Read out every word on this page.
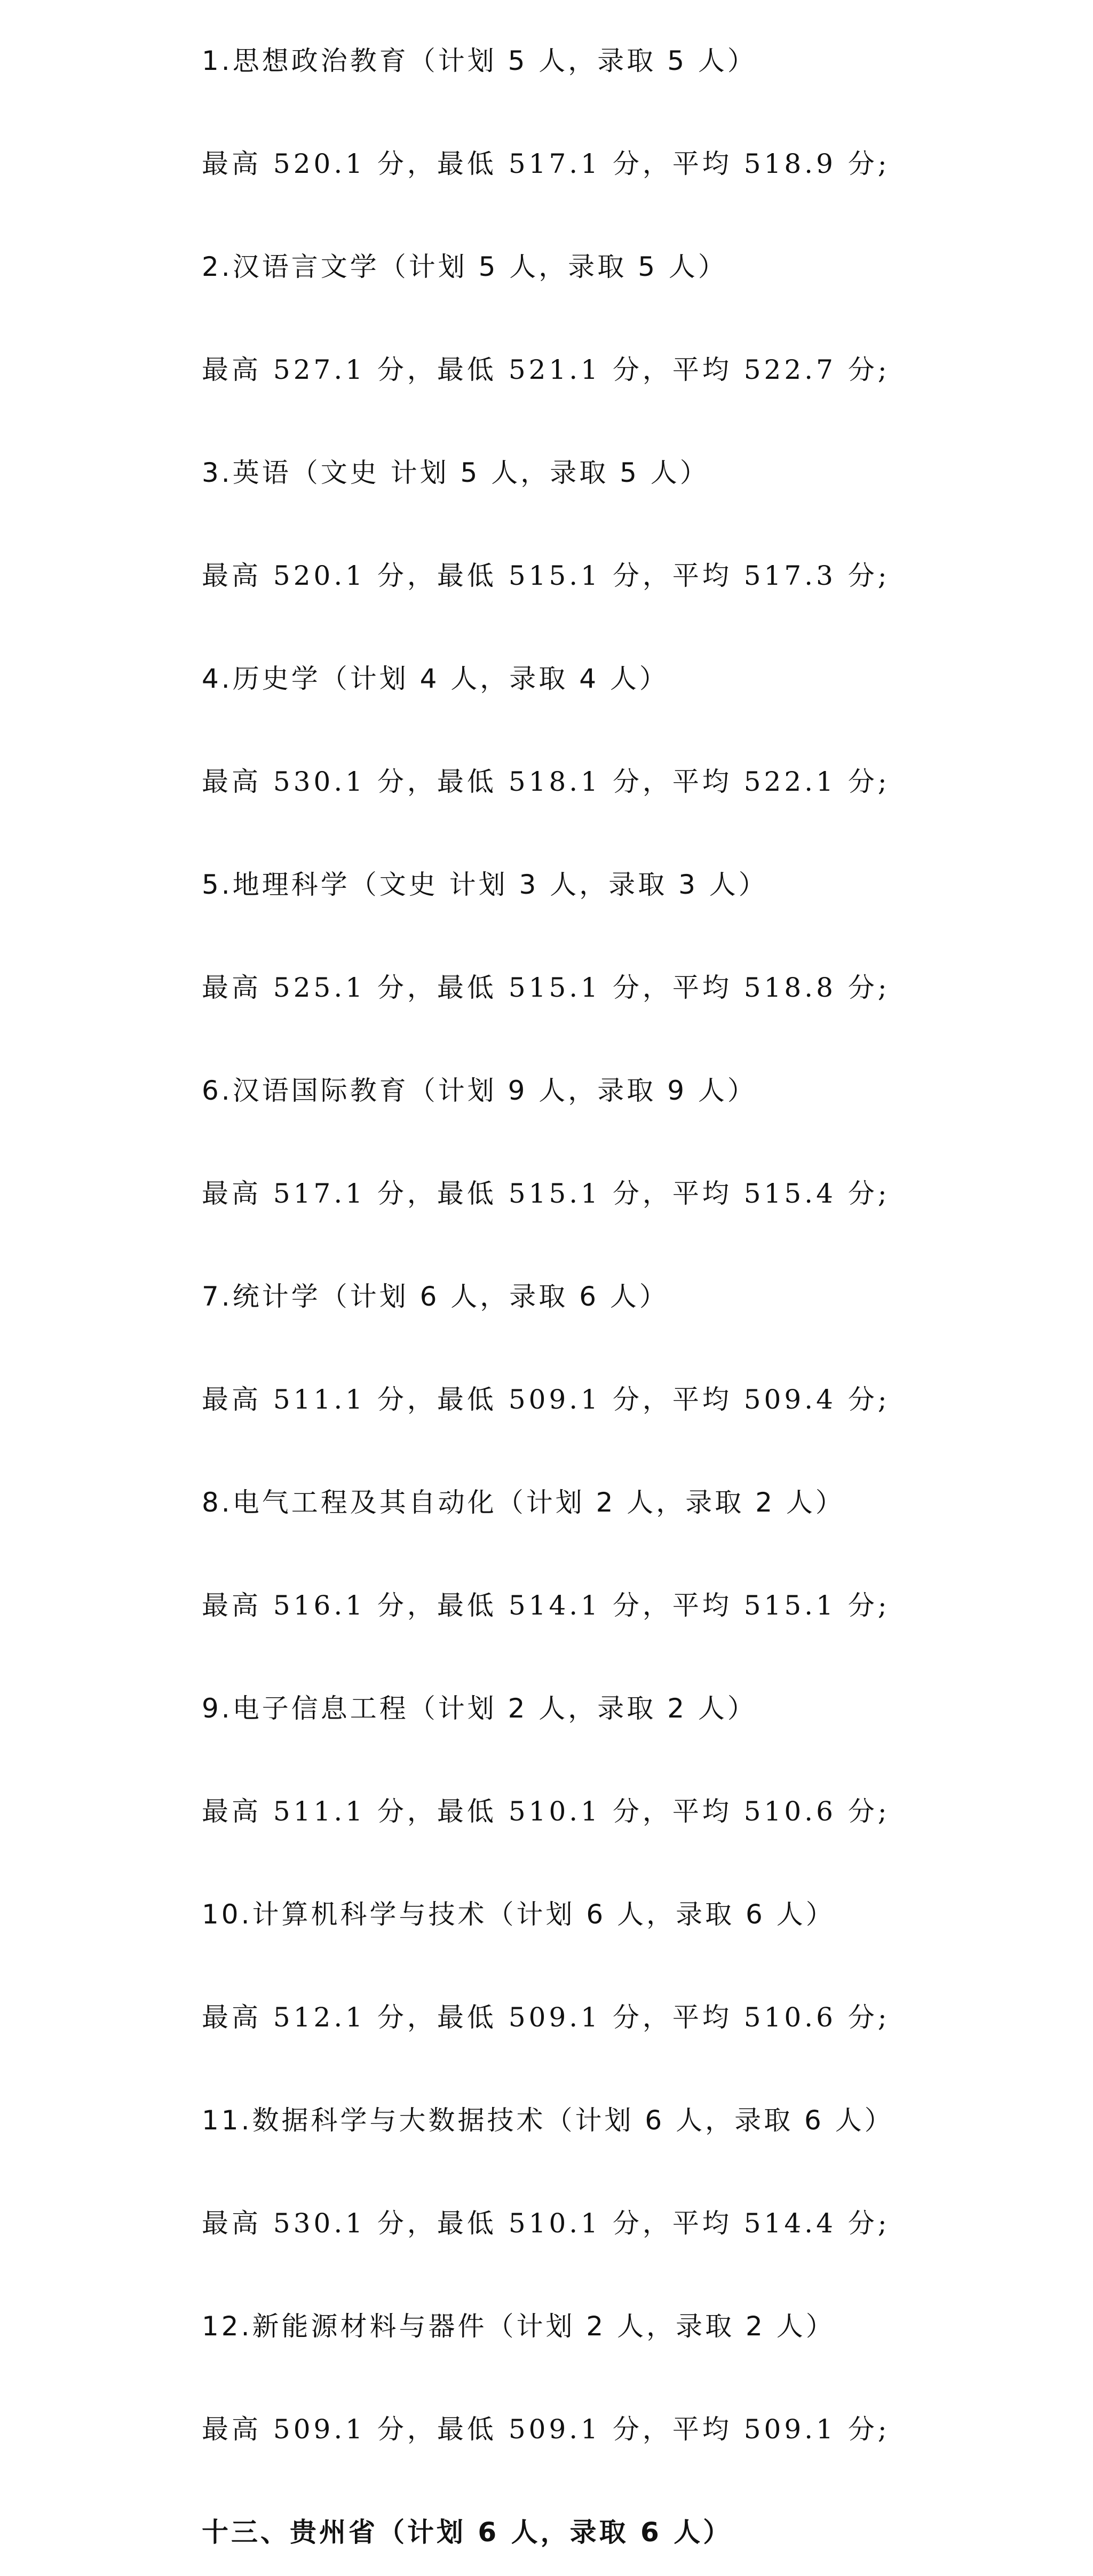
1.思想政治教育（计划 5 人，录取 5 人）
最高 520.1 分，最低 517.1 分，平均 518.9 分;
2.汉语言文学（计划 5 人，录取 5 人）
最高 527.1 分，最低 521.1 分，平均 522.7 分;
3.英语（文史 计划 5 人，录取 5 人）
最高 520.1 分，最低 515.1 分，平均 517.3 分;
4.历史学（计划 4 人，录取 4 人）
最高 530.1 分，最低 518.1 分，平均 522.1 分;
5.地理科学（文史 计划 3 人，录取 3 人）
最高 525.1 分，最低 515.1 分，平均 518.8 分;
6.汉语国际教育（计划 9 人，录取 9 人）
最高 517.1 分，最低 515.1 分，平均 515.4 分;
7.统计学（计划 6 人，录取 6 人）
最高 511.1 分，最低 509.1 分，平均 509.4 分;
8.电气工程及其自动化（计划 2 人，录取 2 人）
最高 516.1 分，最低 514.1 分，平均 515.1 分;
9.电子信息工程（计划 2 人，录取 2 人）
最高 511.1 分，最低 510.1 分，平均 510.6 分;
10.计算机科学与技术（计划 6 人，录取 6 人）
最高 512.1 分，最低 509.1 分，平均 510.6 分;
11.数据科学与大数据技术（计划 6 人，录取 6 人）
最高 530.1 分，最低 510.1 分，平均 514.4 分;
12.新能源材料与器件（计划 2 人，录取 2 人）
最高 509.1 分，最低 509.1 分，平均 509.1 分;
十三、贵州省（计划 6 人，录取 6 人）
